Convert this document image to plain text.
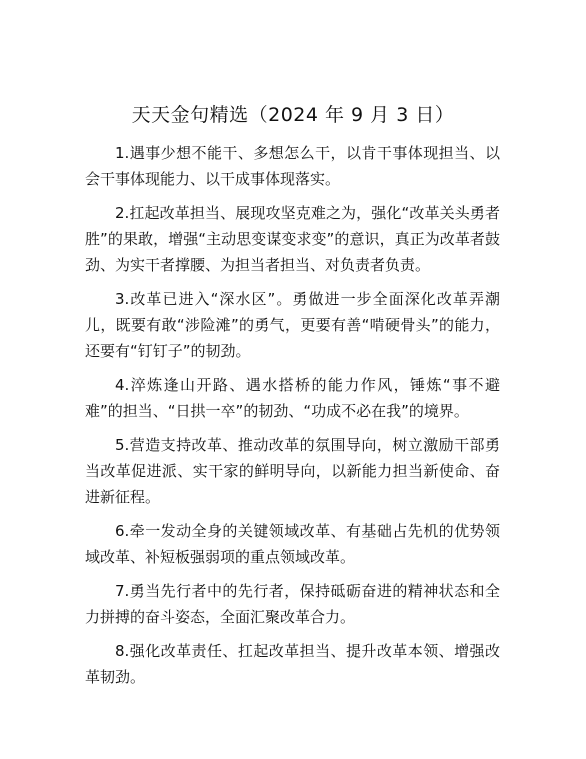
天天金句精选（2024 年 9 月 3 日）

1.遇事少想不能干、多想怎么干，以肯干事体现担当、以会干事体现能力、以干成事体现落实。

2.扛起改革担当、展现攻坚克难之为，强化“改革关头勇者胜”的果敢，增强“主动思变谋变求变”的意识，真正为改革者鼓劲、为实干者撑腰、为担当者担当、对负责者负责。

3.改革已进入“深水区”。勇做进一步全面深化改革弄潮儿，既要有敢“涉险滩”的勇气，更要有善“啃硬骨头”的能力，还要有“钉钉子”的韧劲。

4.淬炼逢山开路、遇水搭桥的能力作风，锤炼“事不避难”的担当、“日拱一卒”的韧劲、“功成不必在我”的境界。

5.营造支持改革、推动改革的氛围导向，树立激励干部勇当改革促进派、实干家的鲜明导向，以新能力担当新使命、奋进新征程。

6.牵一发动全身的关键领域改革、有基础占先机的优势领域改革、补短板强弱项的重点领域改革。

7.勇当先行者中的先行者，保持砥砺奋进的精神状态和全力拼搏的奋斗姿态，全面汇聚改革合力。

8.强化改革责任、扛起改革担当、提升改革本领、增强改革韧劲。
